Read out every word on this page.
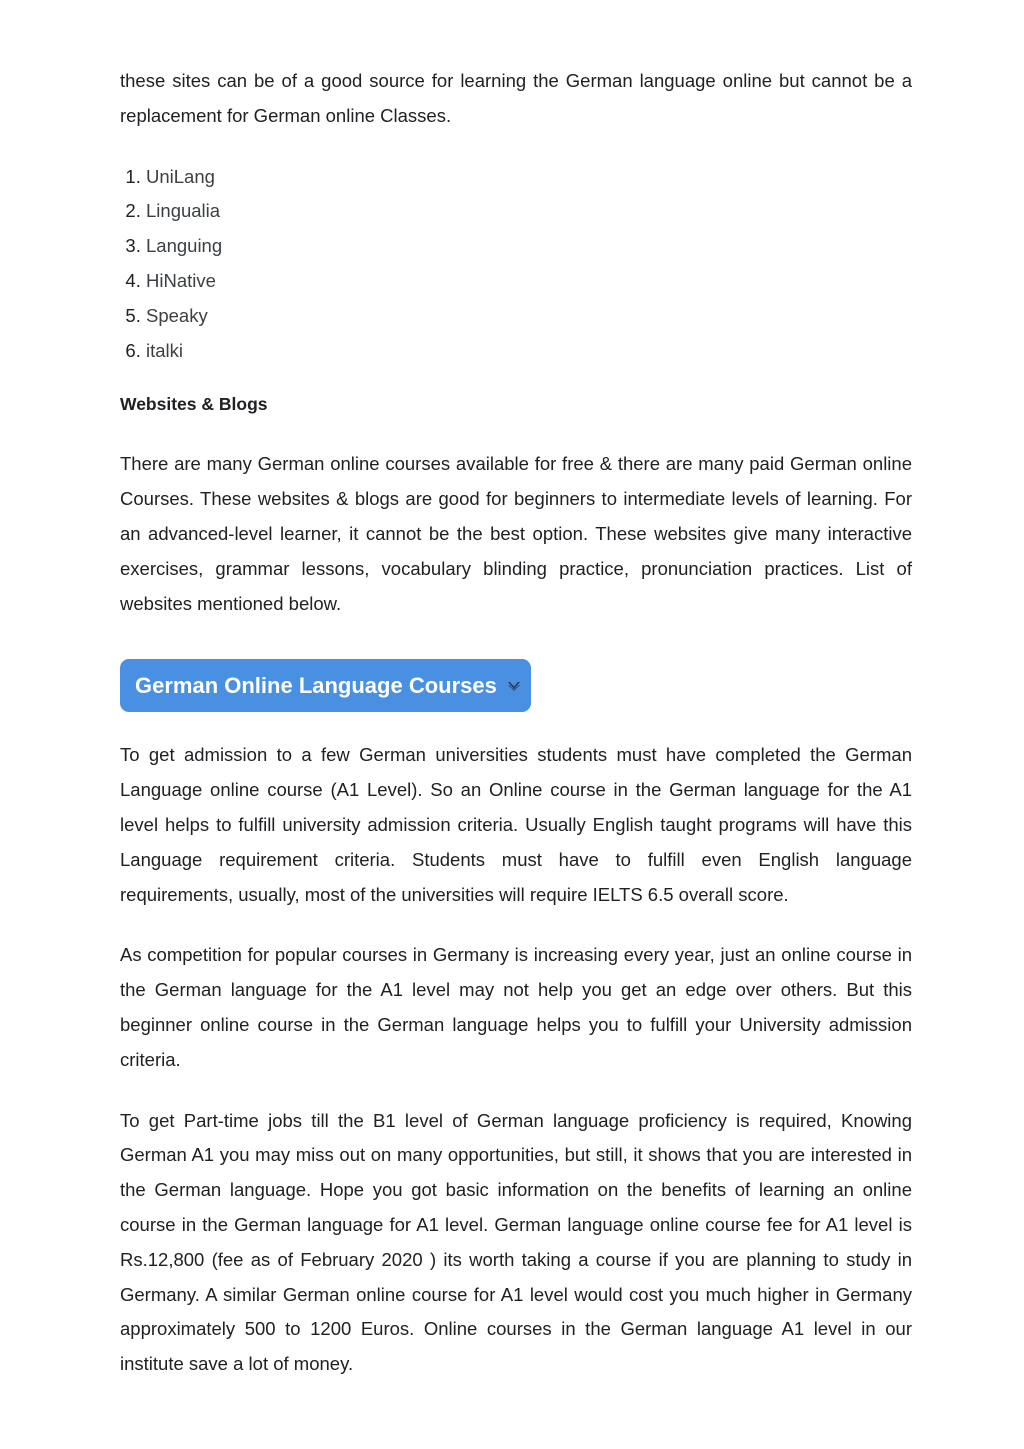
these sites can be of a good source for learning the German language online but cannot be a replacement for German online Classes.

1. UniLang
2. Lingualia
3. Languing
4. HiNative
5. Speaky
6. italki
Websites & Blogs

There are many German online courses available for free & there are many paid German online Courses. These websites & blogs are good for beginners to intermediate levels of learning. For an advanced-level learner, it cannot be the best option. These websites give many interactive exercises, grammar lessons, vocabulary blinding practice, pronunciation practices. List of websites mentioned below.

German Online Language Courses

To get admission to a few German universities students must have completed the German Language online course (A1 Level). So an Online course in the German language for the A1 level helps to fulfill university admission criteria. Usually English taught programs will have this Language requirement criteria. Students must have to fulfill even English language requirements, usually, most of the universities will require IELTS 6.5 overall score.

As competition for popular courses in Germany is increasing every year, just an online course in the German language for the A1 level may not help you get an edge over others. But this beginner online course in the German language helps you to fulfill your University admission criteria.

To get Part-time jobs till the B1 level of German language proficiency is required, Knowing German A1 you may miss out on many opportunities, but still, it shows that you are interested in the German language. Hope you got basic information on the benefits of learning an online course in the German language for A1 level. German language online course fee for A1 level is Rs.12,800 (fee as of February 2020 ) its worth taking a course if you are planning to study in Germany. A similar German online course for A1 level would cost you much higher in Germany approximately 500 to 1200 Euros. Online courses in the German language A1 level in our institute save a lot of money.
